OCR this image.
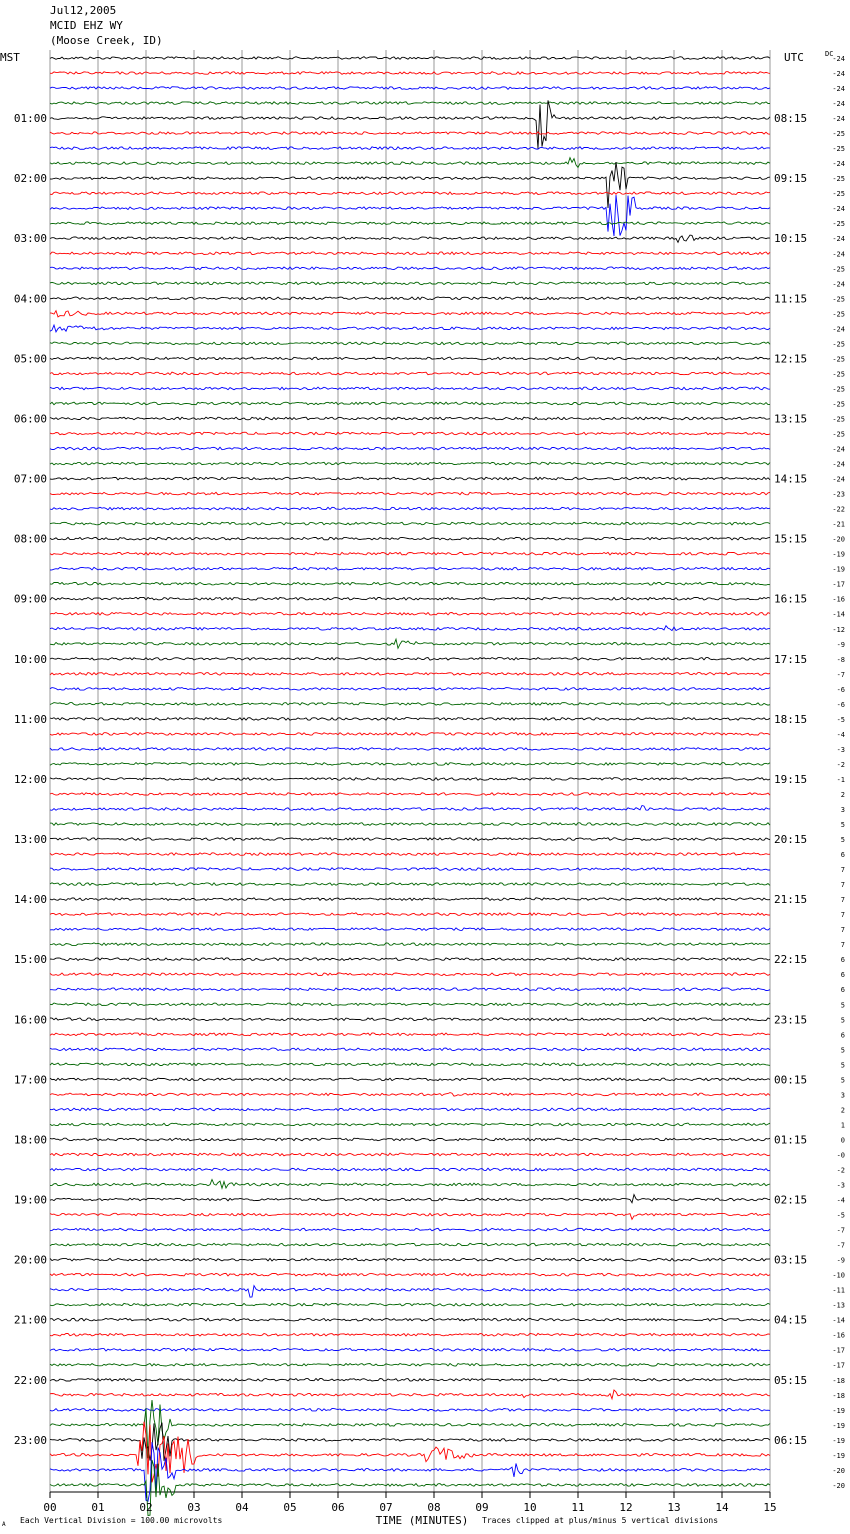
Jul12,2005
MCID EHZ WY
(Moose Creek, ID)
-24
-24
-24
-24
-24
-25
-25
-24
-25
-25
-24
-25
-24
-24
-25
-24
-25
-25
-24
-25
-25
-25
-25
-25
-25
-25
-24
-24
-24
-23
-22
-21
-20
-19
-19
-17
-16
-14
-12
-9
-8
-7
-6
-6
-5
-4
-3
-2
-1
2
3
5
5
6
7
7
7
7
7
7
6
6
6
5
5
6
5
5
5
3
2
1
0
-0
-2
-3
-4
-5
-7
-7
-9
-10
-11
-13
-14
-16
-17
-17
-18
-18
-19
-19
-19
-19
-20
-20
01:00
02:00
03:00
04:00
05:00
06:00
07:00
08:00
09:00
10:00
11:00
12:00
13:00
14:00
15:00
16:00
17:00
18:00
19:00
20:00
21:00
22:00
23:00
08:15
09:15
10:15
11:15
12:15
13:15
14:15
15:15
16:15
17:15
18:15
19:15
20:15
21:15
22:15
23:15
00:15
01:15
02:15
03:15
04:15
05:15
06:15
MST	UTC	DC
00	01	02	03	04	05	06	07	08	09	10	11	12	13	14	15
TIME (MINUTES)
Each Vertical Division = 100.00 microvolts	Traces clipped at plus/minus 5 vertical divisions
A
